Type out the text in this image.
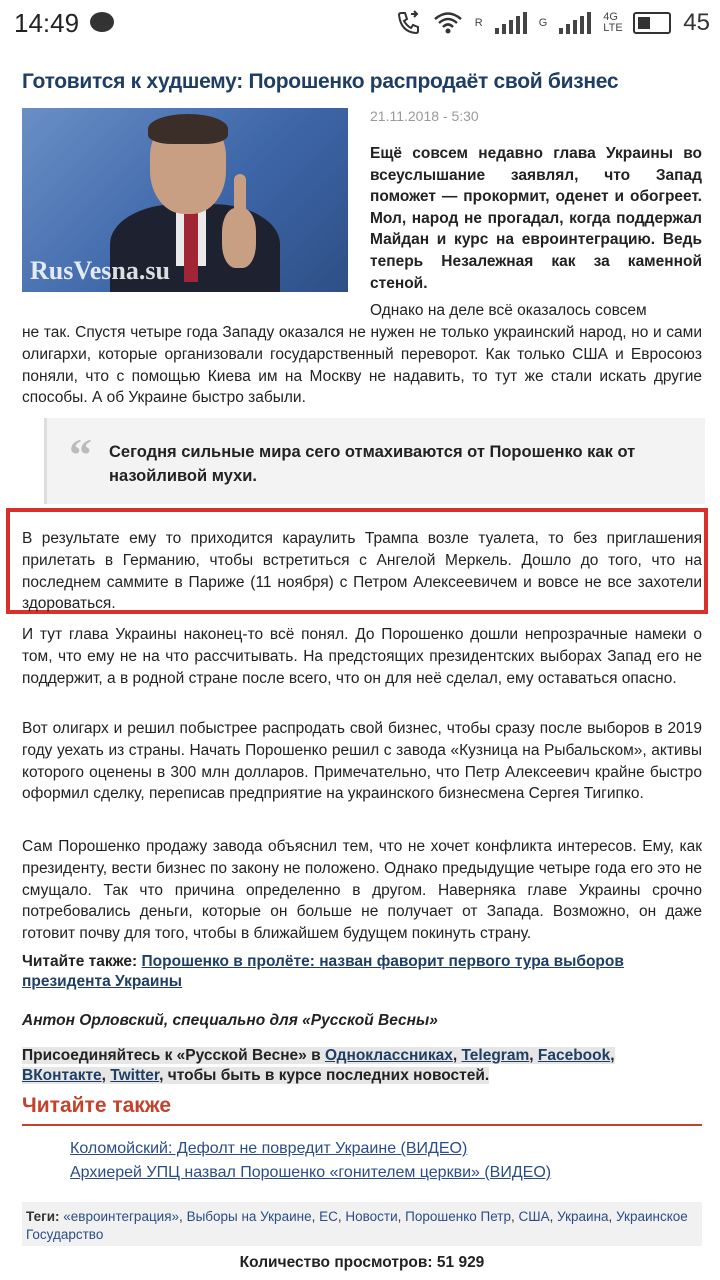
14:49	R	G	4G LTE	45
Готовится к худшему: Порошенко распродаёт свой бизнес
RusVesna.su
21.11.2018 - 5:30
Ещё совсем недавно глава Украины во всеуслышание заявлял, что Запад поможет — прокормит, оденет и обогреет. Мол, народ не прогадал, когда поддержал Майдан и курс на евроинтеграцию. Ведь теперь Незалежная как за каменной стеной.
Однако на деле всё оказалось совсем
не так. Спустя четыре года Западу оказался не нужен не только украинский народ, но и сами олигархи, которые организовали государственный переворот. Как только США и Евросоюз поняли, что с помощью Киева им на Москву не надавить, то тут же стали искать другие способы. А об Украине быстро забыли.
“ Сегодня сильные мира сего отмахиваются от Порошенко как от назойливой мухи.
В результате ему то приходится караулить Трампа возле туалета, то без приглашения прилетать в Германию, чтобы встретиться с Ангелой Меркель. Дошло до того, что на последнем саммите в Париже (11 ноября) с Петром Алексеевичем и вовсе не все захотели здороваться.
И тут глава Украины наконец-то всё понял. До Порошенко дошли непрозрачные намеки о том, что ему не на что рассчитывать. На предстоящих президентских выборах Запад его не поддержит, а в родной стране после всего, что он для неё сделал, ему оставаться опасно.
Вот олигарх и решил побыстрее распродать свой бизнес, чтобы сразу после выборов в 2019 году уехать из страны. Начать Порошенко решил с завода «Кузница на Рыбальском», активы которого оценены в 300 млн долларов. Примечательно, что Петр Алексеевич крайне быстро оформил сделку, переписав предприятие на украинского бизнесмена Сергея Тигипко.
Сам Порошенко продажу завода объяснил тем, что не хочет конфликта интересов. Ему, как президенту, вести бизнес по закону не положено. Однако предыдущие четыре года его это не смущало. Так что причина определенно в другом. Наверняка главе Украины срочно потребовались деньги, которые он больше не получает от Запада. Возможно, он даже готовит почву для того, чтобы в ближайшем будущем покинуть страну.
Читайте также: Порошенко в пролёте: назван фаворит первого тура выборов президента Украины
Антон Орловский, специально для «Русской Весны»
Присоединяйтесь к «Русской Весне» в Одноклассниках, Telegram, Facebook, ВКонтакте, Twitter, чтобы быть в курсе последних новостей.
Читайте также
Коломойский: Дефолт не повредит Украине (ВИДЕО)
Архиерей УПЦ назвал Порошенко «гонителем церкви» (ВИДЕО)
Теги: «евроинтеграция», Выборы на Украине, ЕС, Новости, Порошенко Петр, США, Украина, Украинское Государство
Количество просмотров: 51 929
